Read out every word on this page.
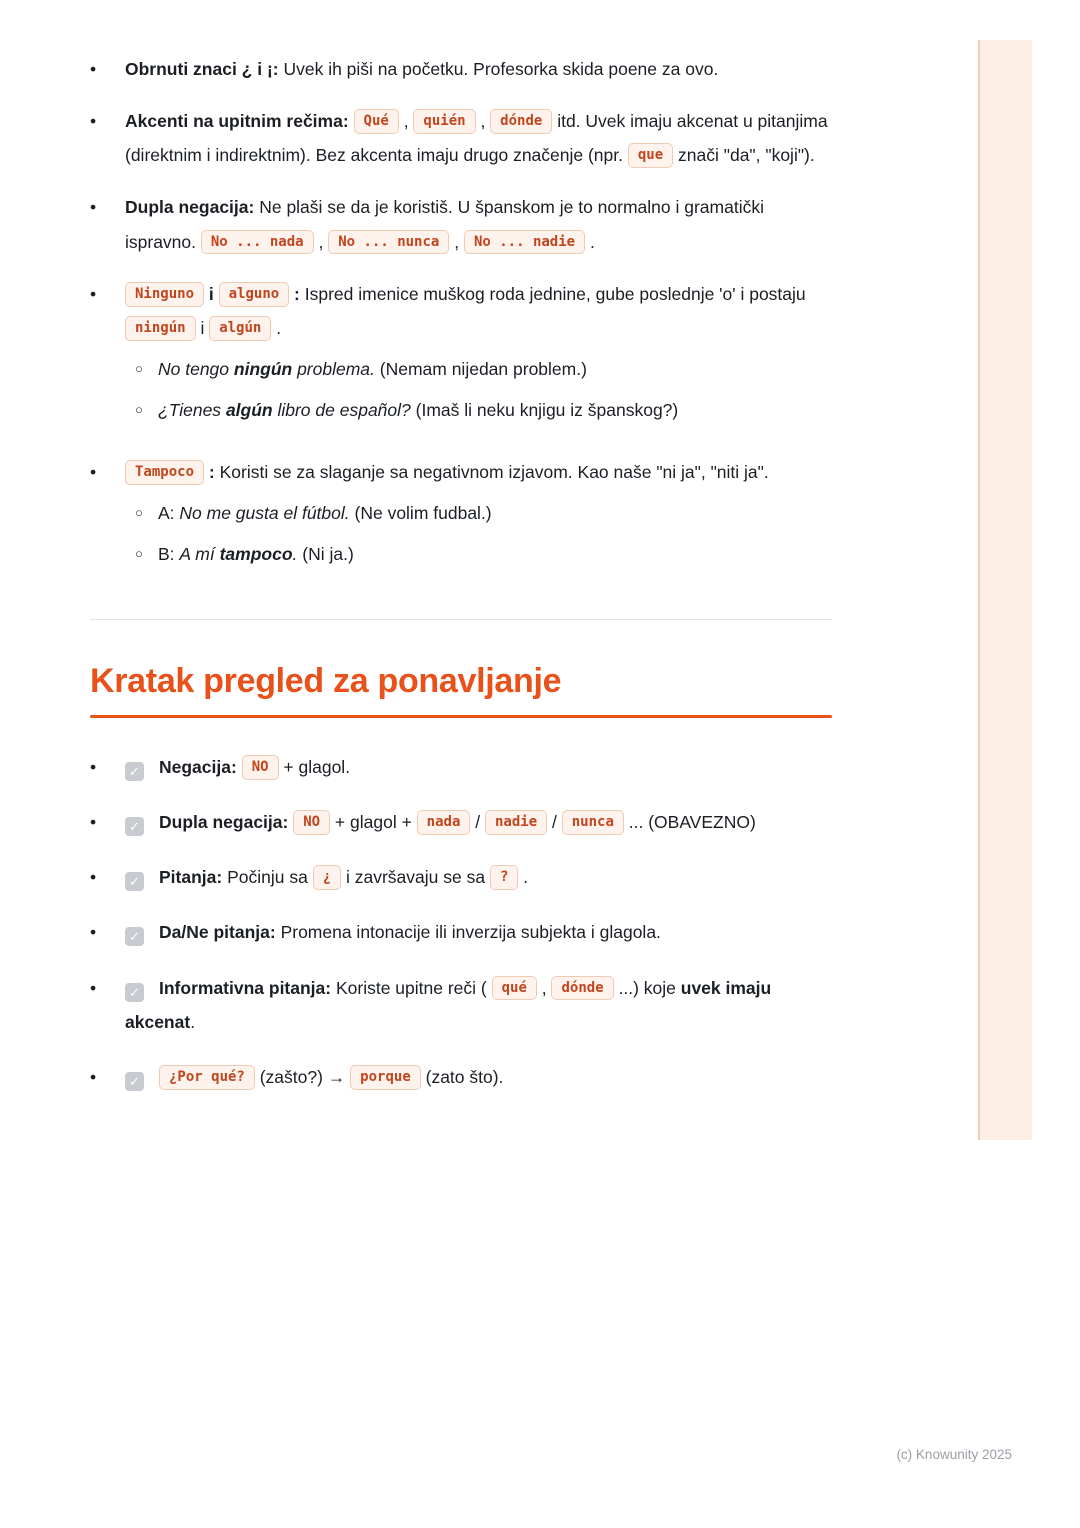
•	Obrnuti znaci ¿ i ¡: Uvek ih piši na početku. Profesorka skida poene za ovo.
•	Akcenti na upitnim rečima: Qué , quién , dónde itd. Uvek imaju akcenat u pitanjima (direktnim i indirektnim). Bez akcenta imaju drugo značenje (npr. que znači "da", "koji").
•	Dupla negacija: Ne plaši se da je koristiš. U španskom je to normalno i gramatički ispravno. No ... nada , No ... nunca , No ... nadie .
•	Ninguno i alguno : Ispred imenice muškog roda jednine, gube poslednje 'o' i postaju ningún i algún .
○ No tengo ningún problema. (Nemam nijedan problem.)
○ ¿Tienes algún libro de español? (Imaš li neku knjigu iz španskog?)
•	Tampoco : Koristi se za slaganje sa negativnom izjavom. Kao naše "ni ja", "niti ja".
○ A: No me gusta el fútbol. (Ne volim fudbal.)
○ B: A mí tampoco. (Ni ja.)
Kratak pregled za ponavljanje
•	✓ Negacija: NO + glagol.
•	✓ Dupla negacija: NO + glagol + nada / nadie / nunca ... (OBAVEZNO)
•	✓ Pitanja: Počinju sa ¿ i završavaju se sa ? .
•	✓ Da/Ne pitanja: Promena intonacije ili inverzija subjekta i glagola.
•	✓ Informativna pitanja: Koriste upitne reči ( qué , dónde ...) koje uvek imaju akcenat.
•	✓ ¿Por qué? (zašto?) → porque (zato što).
(c) Knowunity 2025
